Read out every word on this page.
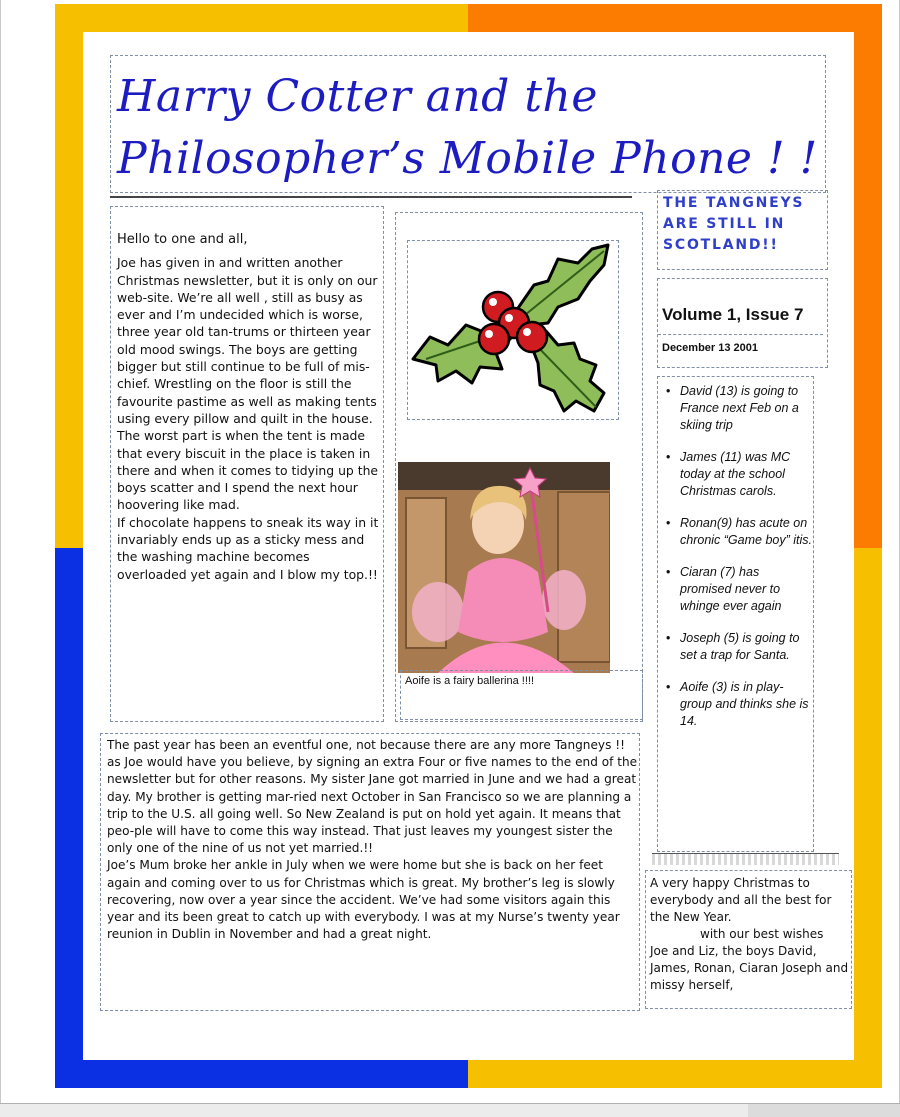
Harry Cotter and the
Philosopher’s Mobile Phone ! !
THE TANGNEYS ARE STILL IN SCOTLAND!!
Volume 1, Issue 7
December 13 2001
Hello to one and all,
Joe has given in and written another Christmas newsletter, but it is only on our web-site. We’re all well , still as busy as ever and I’m undecided which is worse, three year old tan-trums or thirteen year old mood swings. The boys are getting bigger but still continue to be full of mis-chief. Wrestling on the floor is still the favourite pastime as well as making tents using every pillow and quilt in the house. The worst part is when the tent is made that every biscuit in the place is taken in there and when it comes to tidying up the boys scatter and I spend the next hour hoovering like mad.
If chocolate happens to sneak its way in it invariably ends up as a sticky mess and the washing machine becomes overloaded yet again and I blow my top.!!
Aoife is a fairy ballerina !!!!
• David (13) is going to France next Feb on a skiing trip
• James (11) was MC today at the school Christmas carols.
• Ronan(9) has acute on chronic “Game boy” itis.
• Ciaran (7) has promised never to whinge ever again
• Joseph (5) is going to set a trap for Santa.
• Aoife (3) is in play-group and thinks she is 14.
The past year has been an eventful one, not because there are any more Tangneys !! as Joe would have you believe, by signing an extra Four or five names to the end of the newsletter but for other reasons. My sister Jane got married in June and we had a great day. My brother is getting mar-ried next October in San Francisco so we are planning a trip to the U.S. all going well. So New Zealand is put on hold yet again. It means that peo-ple will have to come this way instead. That just leaves my youngest sister the only one of the nine of us not yet married.!!
Joe’s Mum broke her ankle in July when we were home but she is back on her feet again and coming over to us for Christmas which is great. My brother’s leg is slowly recovering, now over a year since the accident. We’ve had some visitors again this year and its been great to catch up with everybody. I was at my Nurse’s twenty year reunion in Dublin in November and had a great night.
A very happy Christmas to everybody and all the best for the New Year.
with our best wishes
Joe and Liz, the boys David, James, Ronan, Ciaran Joseph and missy herself,
